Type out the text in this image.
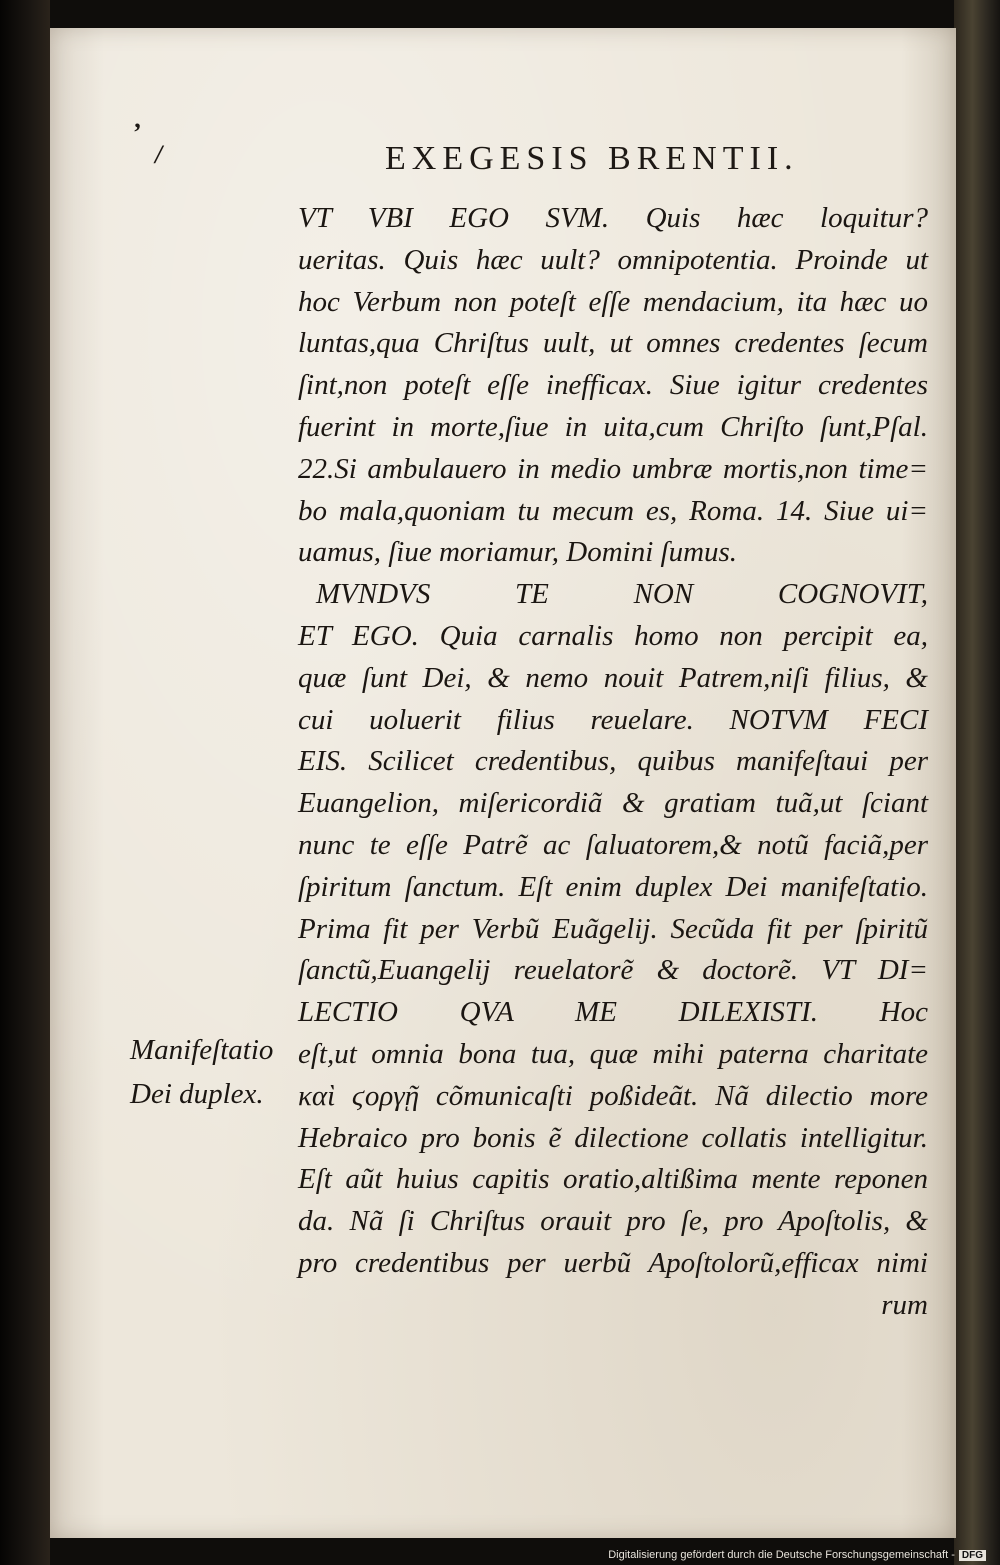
ʼ
/	EXEGESIS BRENTII.
VT VBI EGO SVM. Quis hæc loquitur?
ueritas. Quis hæc uult? omnipotentia. Proinde ut
hoc Verbum non poteſt eſſe mendacium, ita hæc uo
luntas,qua Chriſtus uult, ut omnes credentes ſecum
ſint,non poteſt eſſe inefficax. Siue igitur credentes
fuerint in morte,ſiue in uita,cum Chriſto ſunt,Pſal.
22.Si ambulauero in medio umbræ mortis,non time=
bo mala,quoniam tu mecum es, Roma. 14. Siue ui=
uamus, ſiue moriamur, Domini ſumus.
MVNDVS TE NON COGNOVIT,
ET EGO. Quia carnalis homo non percipit ea,
quæ ſunt Dei, & nemo nouit Patrem,niſi filius, &
cui uoluerit filius reuelare. NOTVM FECI
EIS. Scilicet credentibus, quibus manifeſtaui per
Euangelion, miſericordiã & gratiam tuã,ut ſciant
nunc te eſſe Patrẽ ac ſaluatorem,& notũ faciã,per
ſpiritum ſanctum. Eſt enim duplex Dei manifeſtatio.
Prima fit per Verbũ Euãgelij. Secũda fit per ſpiritũ
ſanctũ,Euangelij reuelatorẽ & doctorẽ. VT DI=
LECTIO QVA ME DILEXISTI. Hoc
eſt,ut omnia bona tua, quæ mihi paterna charitate
καὶ ϛοργῇ cõmunicaſti poßideãt. Nã dilectio more
Hebraico pro bonis ẽ dilectione collatis intelligitur.
Eſt aũt huius capitis oratio,altißima mente reponen
da. Nã ſi Chriſtus orauit pro ſe, pro Apoſtolis, &
pro credentibus per uerbũ Apoſtolorũ,efficax nimi
rum
Manifeſtatio
Dei duplex.
Digitalisierung gefördert durch die Deutsche Forschungsgemeinschaft - DFG
